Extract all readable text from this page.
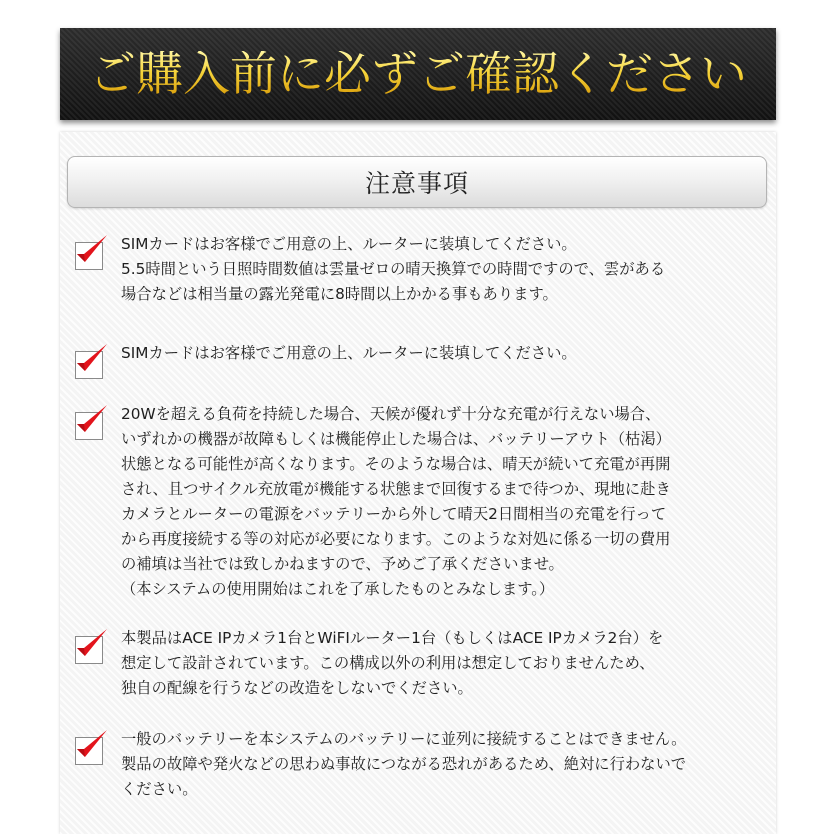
ご購入前に必ずご確認ください
注意事項
SIMカードはお客様でご用意の上、ルーターに装填してください。
5.5時間という日照時間数値は雲量ゼロの晴天換算での時間ですので、雲がある
場合などは相当量の露光発電に8時間以上かかる事もあります。
SIMカードはお客様でご用意の上、ルーターに装填してください。
20Wを超える負荷を持続した場合、天候が優れず十分な充電が行えない場合、
いずれかの機器が故障もしくは機能停止した場合は、バッテリーアウト（枯渇）
状態となる可能性が高くなります。そのような場合は、晴天が続いて充電が再開
され、且つサイクル充放電が機能する状態まで回復するまで待つか、現地に赴き
カメラとルーターの電源をバッテリーから外して晴天2日間相当の充電を行って
から再度接続する等の対応が必要になります。このような対処に係る一切の費用
の補填は当社では致しかねますので、予めご了承くださいませ。
（本システムの使用開始はこれを了承したものとみなします。）
本製品はACE IPカメラ1台とWiFIルーター1台（もしくはACE IPカメラ2台）を
想定して設計されています。この構成以外の利用は想定しておりませんため、
独自の配線を行うなどの改造をしないでください。
一般のバッテリーを本システムのバッテリーに並列に接続することはできません。
製品の故障や発火などの思わぬ事故につながる恐れがあるため、絶対に行わないで
ください。
